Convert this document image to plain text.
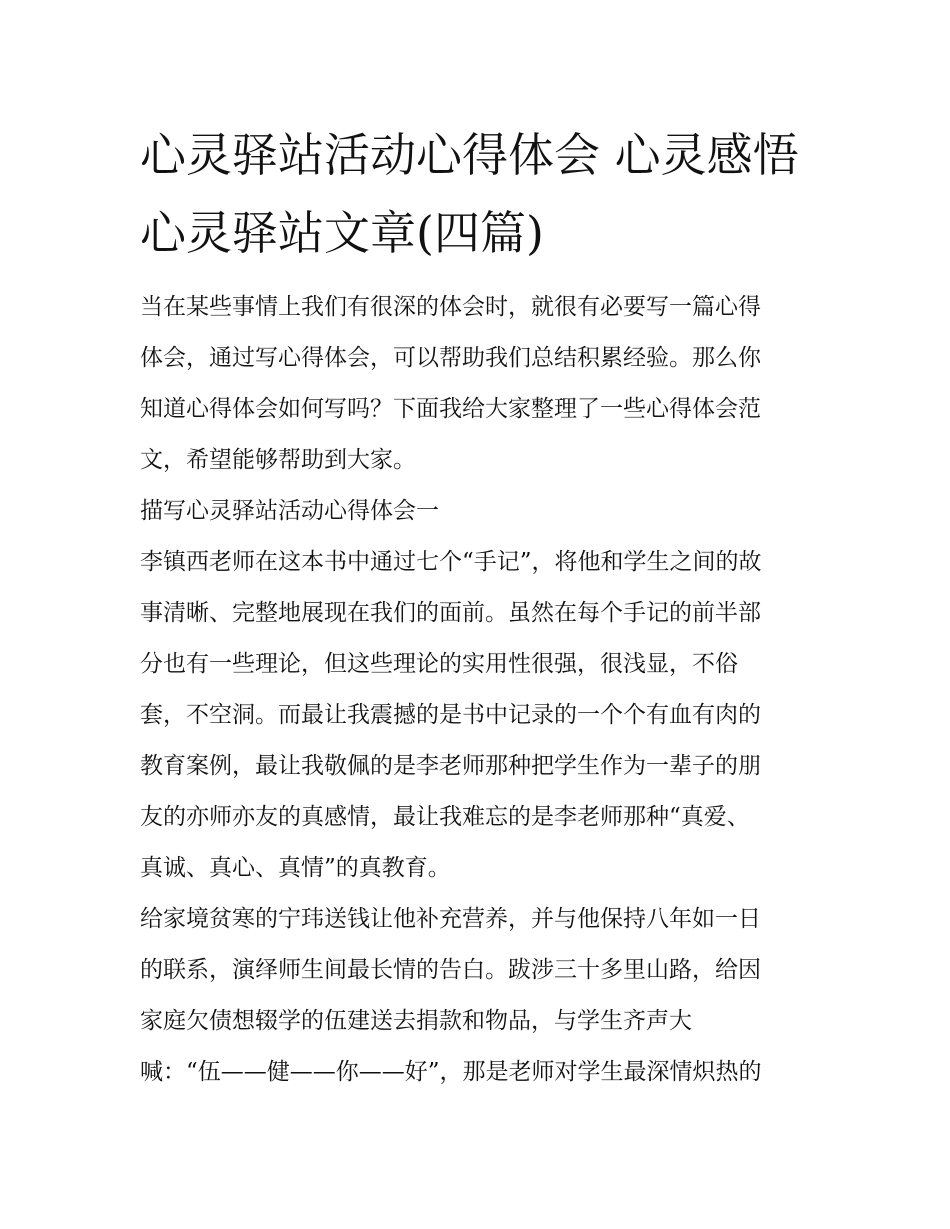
心灵驿站活动心得体会 心灵感悟 心灵驿站文章(四篇)
当在某些事情上我们有很深的体会时，就很有必要写一篇心得
体会，通过写心得体会，可以帮助我们总结积累经验。那么你
知道心得体会如何写吗？下面我给大家整理了一些心得体会范
文，希望能够帮助到大家。
描写心灵驿站活动心得体会一
李镇西老师在这本书中通过七个“手记”，将他和学生之间的故
事清晰、完整地展现在我们的面前。虽然在每个手记的前半部
分也有一些理论，但这些理论的实用性很强，很浅显，不俗
套，不空洞。而最让我震撼的是书中记录的一个个有血有肉的
教育案例，最让我敬佩的是李老师那种把学生作为一辈子的朋
友的亦师亦友的真感情，最让我难忘的是李老师那种“真爱、
真诚、真心、真情”的真教育。
给家境贫寒的宁玮送钱让他补充营养，并与他保持八年如一日
的联系，演绎师生间最长情的告白。跋涉三十多里山路，给因
家庭欠债想辍学的伍建送去捐款和物品，与学生齐声大
喊：“伍——健——你——好”，那是老师对学生最深情炽热的
